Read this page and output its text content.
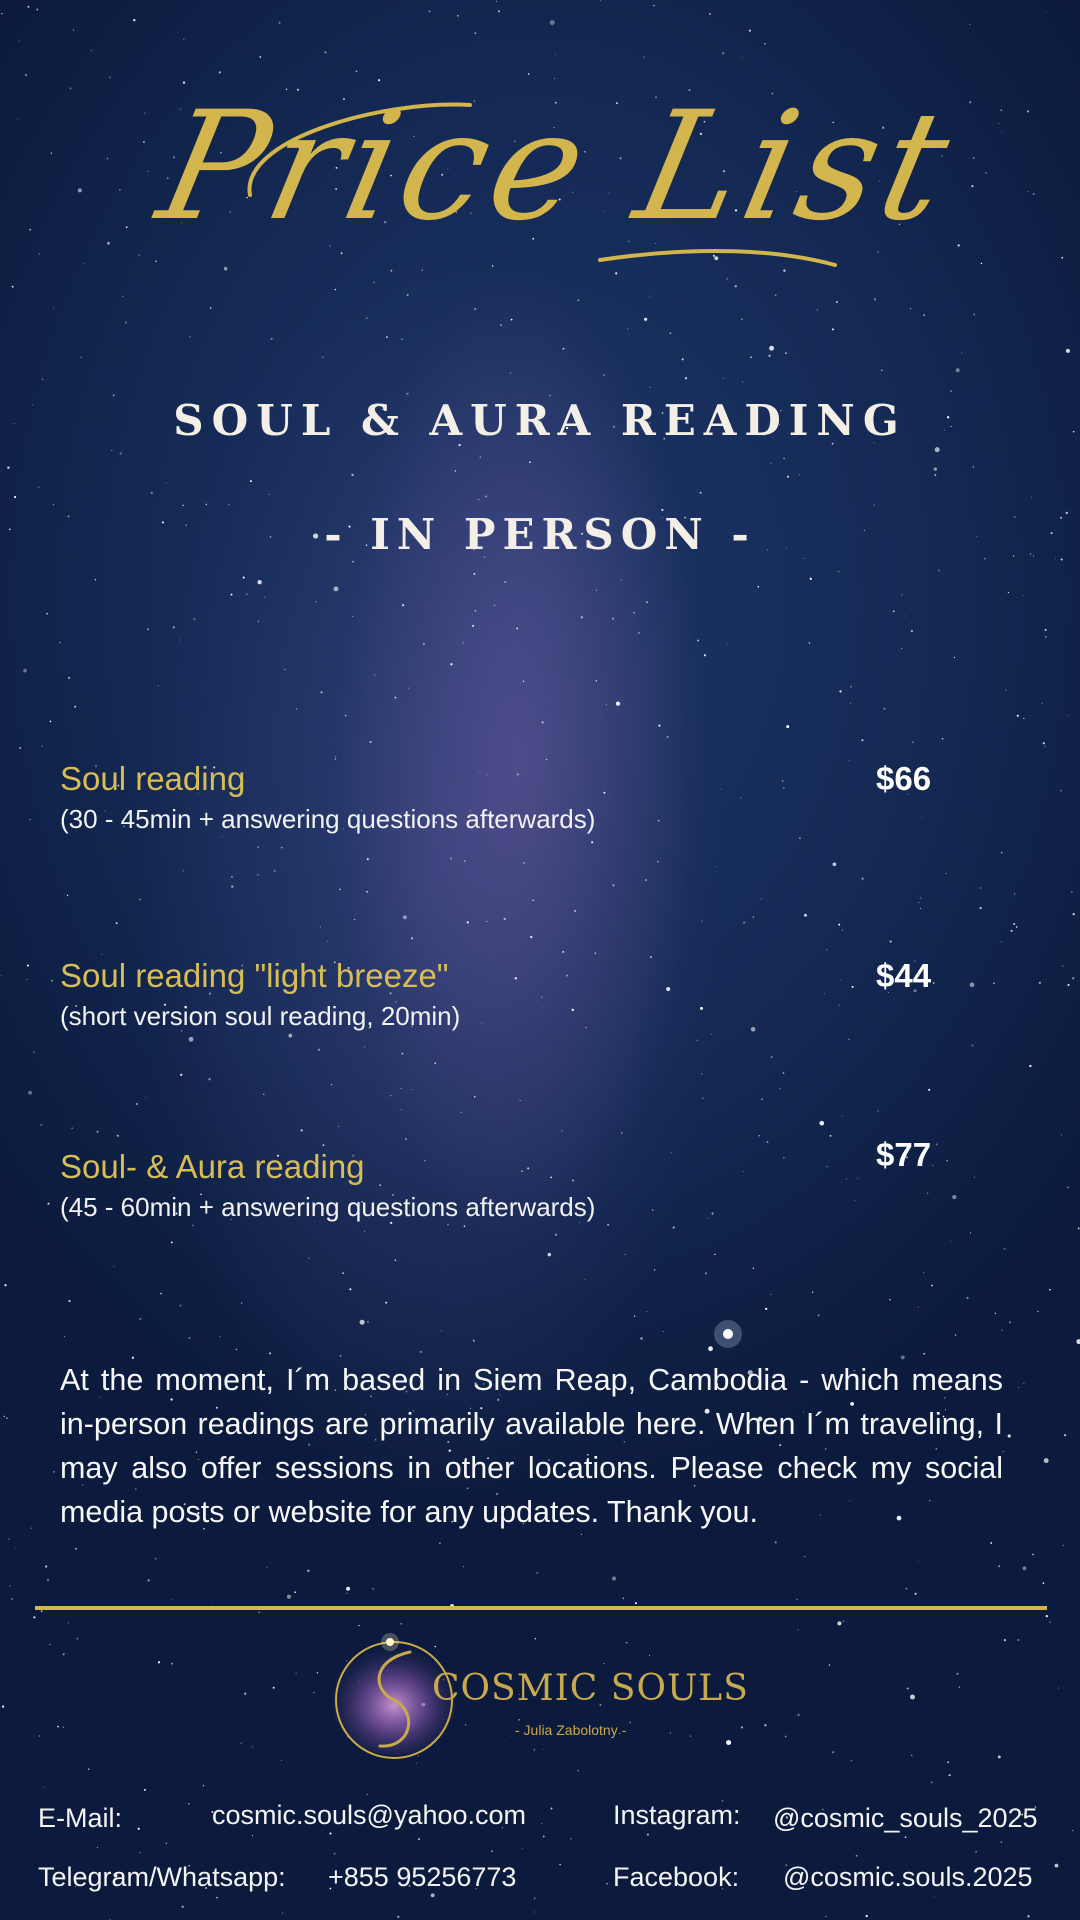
Price List
SOUL & AURA READING
- IN PERSON -
Soul reading
(30 - 45min + answering questions afterwards)
$66
Soul reading "light breeze"
(short version soul reading, 20min)
$44
Soul- & Aura reading
(45 - 60min + answering questions afterwards)
$77

At the moment, I´m based in Siem Reap, Cambodia - which means in-person readings are primarily available here. When I´m traveling, I may also offer sessions in other locations. Please check my social media posts or website for any updates. Thank you.

COSMIC SOULS
- Julia Zabolotny -
E-Mail:	cosmic.souls@yahoo.com	Instagram: @cosmic_souls_2025
Telegram/Whatsapp: +855 95256773	Facebook: @cosmic.souls.2025
